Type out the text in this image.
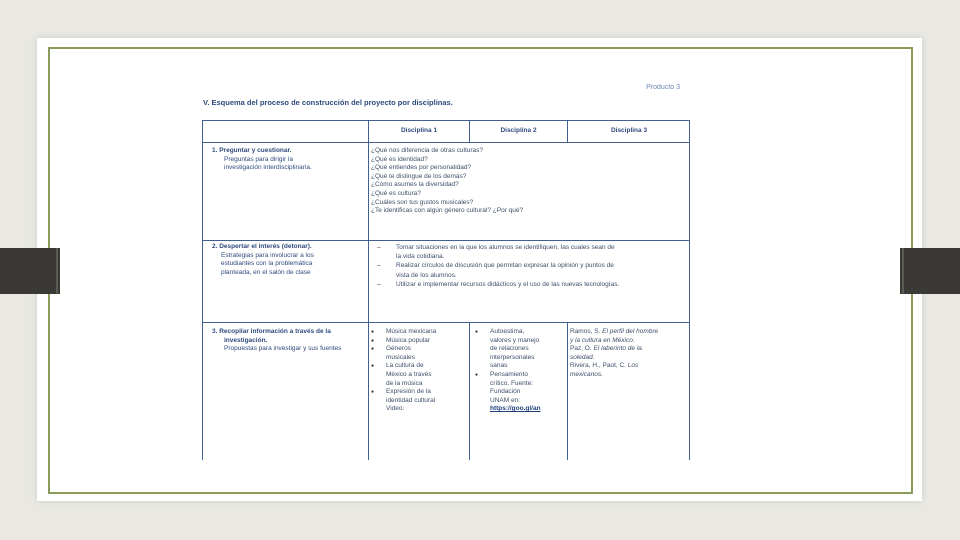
Producto 3
V. Esquema del proceso de construcción del proyecto por disciplinas.
Disciplina 1	Disciplina 2	Disciplina 3
1. Preguntar y cuestionar.
Preguntas para dirigir la
investigación interdisciplinaria.
¿Qué nos diferencia de otras culturas?
¿Qué es identidad?
¿Qué entiendes por personalidad?
¿Qué te distingue de los demás?
¿Cómo asumes la diversidad?
¿Qué es cultura?
¿Cuáles son tus gustos musicales?
¿Te identificas con algún género cultural? ¿Por qué?
2. Despertar el interés (detonar).
Estrategias para involucrar a los
estudiantes con la problemática
planteada, en el salón de clase
– Tomar situaciones en la que los alumnos se identifiquen, las cuales sean de
la vida cotidiana.
– Realizar círculos de discusión que permitan expresar la opinión y puntos de
vista de los alumnos.
– Utilizar e implementar recursos didácticos y el uso de las nuevas tecnologías.
3. Recopilar información a través de la
investigación.
Propuestas para investigar y sus fuentes
● Música mexicana
● Música popular
● Géneros
musicales
● La cultura de
México a través
de la música
● Expresión de la
identidad cultural
Video:
● Autoestima,
valores y manejo
de relaciones
interpersonales
sanas
● Pensamiento
crítico. Fuente:
Fundación
UNAM en:
https://goo.gl/an
Ramos, S. El perfil del hombre
y la cultura en México.
Paz, O. El laberinto de la
soledad.
Rivera, H., Paot, C. Los
mexicanos.
